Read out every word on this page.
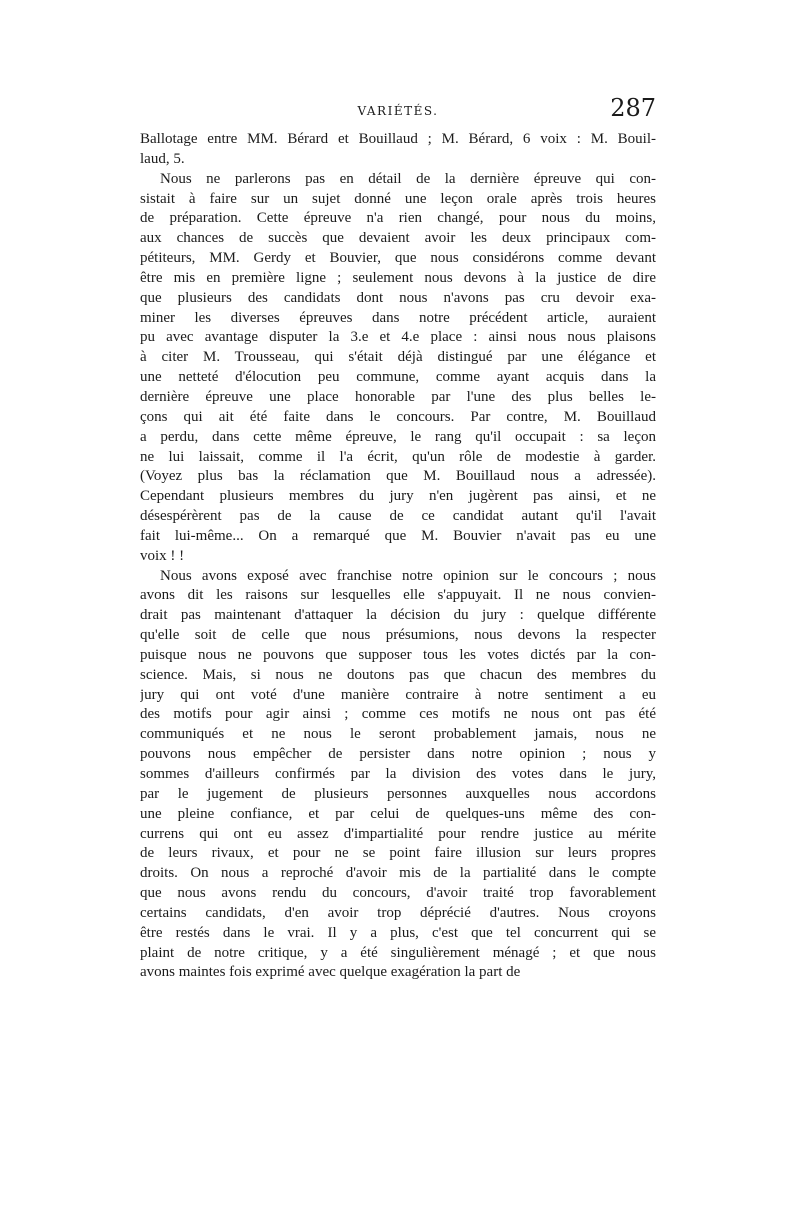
VARIÉTÉS.	287
Ballotage entre MM. Bérard et Bouillaud ; M. Bérard, 6 voix : M. Bouil-
laud, 5.
Nous ne parlerons pas en détail de la dernière épreuve qui con-
sistait à faire sur un sujet donné une leçon orale après trois heures
de préparation. Cette épreuve n'a rien changé, pour nous du moins,
aux chances de succès que devaient avoir les deux principaux com-
pétiteurs, MM. Gerdy et Bouvier, que nous considérons comme devant
être mis en première ligne ; seulement nous devons à la justice de dire
que plusieurs des candidats dont nous n'avons pas cru devoir exa-
miner les diverses épreuves dans notre précédent article, auraient
pu avec avantage disputer la 3.e et 4.e place : ainsi nous nous plaisons
à citer M. Trousseau, qui s'était déjà distingué par une élégance et
une netteté d'élocution peu commune, comme ayant acquis dans la
dernière épreuve une place honorable par l'une des plus belles le-
çons qui ait été faite dans le concours. Par contre, M. Bouillaud
a perdu, dans cette même épreuve, le rang qu'il occupait : sa leçon
ne lui laissait, comme il l'a écrit, qu'un rôle de modestie à garder.
(Voyez plus bas la réclamation que M. Bouillaud nous a adressée).
Cependant plusieurs membres du jury n'en jugèrent pas ainsi, et ne
désespérèrent pas de la cause de ce candidat autant qu'il l'avait
fait lui-même... On a remarqué que M. Bouvier n'avait pas eu une
voix ! !
Nous avons exposé avec franchise notre opinion sur le concours ; nous
avons dit les raisons sur lesquelles elle s'appuyait. Il ne nous convien-
drait pas maintenant d'attaquer la décision du jury : quelque différente
qu'elle soit de celle que nous présumions, nous devons la respecter
puisque nous ne pouvons que supposer tous les votes dictés par la con-
science. Mais, si nous ne doutons pas que chacun des membres du
jury qui ont voté d'une manière contraire à notre sentiment a eu
des motifs pour agir ainsi ; comme ces motifs ne nous ont pas été
communiqués et ne nous le seront probablement jamais, nous ne
pouvons nous empêcher de persister dans notre opinion ; nous y
sommes d'ailleurs confirmés par la division des votes dans le jury,
par le jugement de plusieurs personnes auxquelles nous accordons
une pleine confiance, et par celui de quelques-uns même des con-
currens qui ont eu assez d'impartialité pour rendre justice au mérite
de leurs rivaux, et pour ne se point faire illusion sur leurs propres
droits. On nous a reproché d'avoir mis de la partialité dans le compte
que nous avons rendu du concours, d'avoir traité trop favorablement
certains candidats, d'en avoir trop déprécié d'autres. Nous croyons
être restés dans le vrai. Il y a plus, c'est que tel concurrent qui se
plaint de notre critique, y a été singulièrement ménagé ; et que nous
avons maintes fois exprimé avec quelque exagération la part de
